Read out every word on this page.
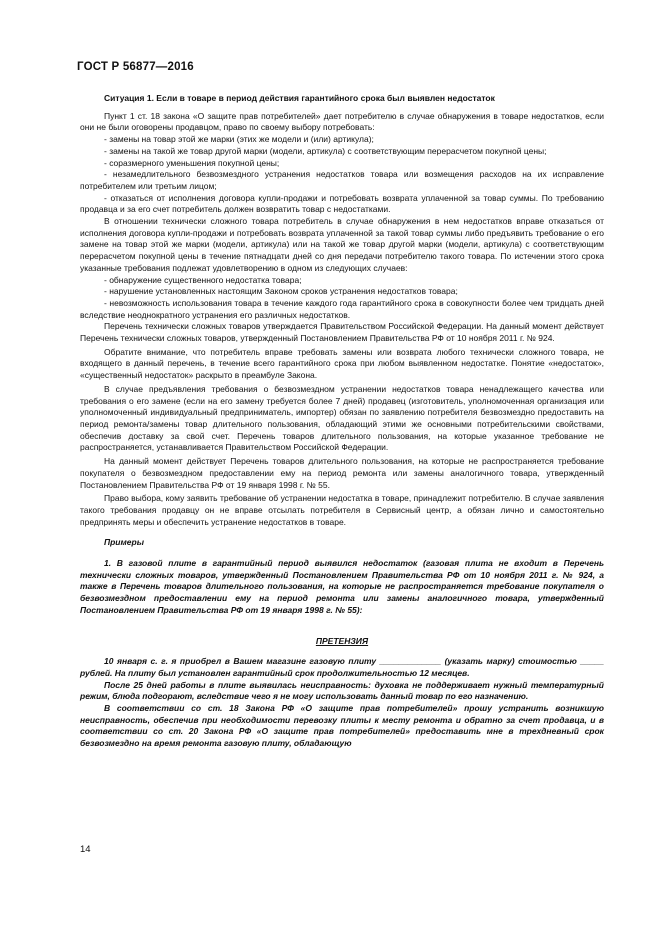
ГОСТ Р 56877—2016

Ситуация 1. Если в товаре в период действия гарантийного срока был выявлен недостаток

Пункт 1 ст. 18 закона «О защите прав потребителей» дает потребителю в случае обнаружения в товаре недостатков, если они не были оговорены продавцом, право по своему выбору потребовать:

- замены на товар этой же марки (этих же модели и (или) артикула);

- замены на такой же товар другой марки (модели, артикула) с соответствующим перерасчетом покупной цены;

- соразмерного уменьшения покупной цены;

- незамедлительного безвозмездного устранения недостатков товара или возмещения расходов на их исправление потребителем или третьим лицом;

- отказаться от исполнения договора купли-продажи и потребовать возврата уплаченной за товар суммы. По требованию продавца и за его счет потребитель должен возвратить товар с недостатками.

В отношении технически сложного товара потребитель в случае обнаружения в нем недостатков вправе отказаться от исполнения договора купли-продажи и потребовать возврата уплаченной за такой товар суммы либо предъявить требование о его замене на товар этой же марки (модели, артикула) или на такой же товар другой марки (модели, артикула) с соответствующим перерасчетом покупной цены в течение пятнадцати дней со дня передачи потребителю такого товара. По истечении этого срока указанные требования подлежат удовлетворению в одном из следующих случаев:

- обнаружение существенного недостатка товара;

- нарушение установленных настоящим Законом сроков устранения недостатков товара;

- невозможность использования товара в течение каждого года гарантийного срока в совокупности более чем тридцать дней вследствие неоднократного устранения его различных недостатков.

Перечень технически сложных товаров утверждается Правительством Российской Федерации. На данный момент действует Перечень технически сложных товаров, утвержденный Постановлением Правительства РФ от 10 ноября 2011 г. № 924.

Обратите внимание, что потребитель вправе требовать замены или возврата любого технически сложного товара, не входящего в данный перечень, в течение всего гарантийного срока при любом выявленном недостатке. Понятие «недостаток», «существенный недостаток» раскрыто в преамбуле Закона.

В случае предъявления требования о безвозмездном устранении недостатков товара ненадлежащего качества или требования о его замене (если на его замену требуется более 7 дней) продавец (изготовитель, уполномоченная организация или уполномоченный индивидуальный предприниматель, импортер) обязан по заявлению потребителя безвозмездно предоставить на период ремонта/замены товар длительного пользования, обладающий этими же основными потребительскими свойствами, обеспечив доставку за свой счет. Перечень товаров длительного пользования, на которые указанное требование не распространяется, устанавливается Правительством Российской Федерации.

На данный момент действует Перечень товаров длительного пользования, на которые не распространяется требование покупателя о безвозмездном предоставлении ему на период ремонта или замены аналогичного товара, утвержденный Постановлением Правительства РФ от 19 января 1998 г. № 55.

Право выбора, кому заявить требование об устранении недостатка в товаре, принадлежит потребителю. В случае заявления такого требования продавцу он не вправе отсылать потребителя в Сервисный центр, а обязан лично и самостоятельно предпринять меры и обеспечить устранение недостатков в товаре.

Примеры

1. В газовой плите в гарантийный период выявился недостаток (газовая плита не входит в Перечень технически сложных товаров, утвержденный Постановлением Правительства РФ от 10 ноября 2011 г. № 924, а также в Перечень товаров длительного пользования, на которые не распространяется требование покупателя о безвозмездном предоставлении ему на период ремонта или замены аналогичного товара, утвержденный Постановлением Правительства РФ от 19 января 1998 г. № 55):

ПРЕТЕНЗИЯ

10 января с. г. я приобрел в Вашем магазине газовую плиту _____________ (указать марку) стоимостью _____ рублей. На плиту был установлен гарантийный срок продолжительностью 12 месяцев.

После 25 дней работы в плите выявилась неисправность: духовка не поддерживает нужный температурный режим, блюда подгорают, вследствие чего я не могу использовать данный товар по его назначению.

В соответствии со ст. 18 Закона РФ «О защите прав потребителей» прошу устранить возникшую неисправность, обеспечив при необходимости перевозку плиты к месту ремонта и обратно за счет продавца, и в соответствии со ст. 20 Закона РФ «О защите прав потребителей» предоставить мне в трехдневный срок безвозмездно на время ремонта газовую плиту, обладающую

14
